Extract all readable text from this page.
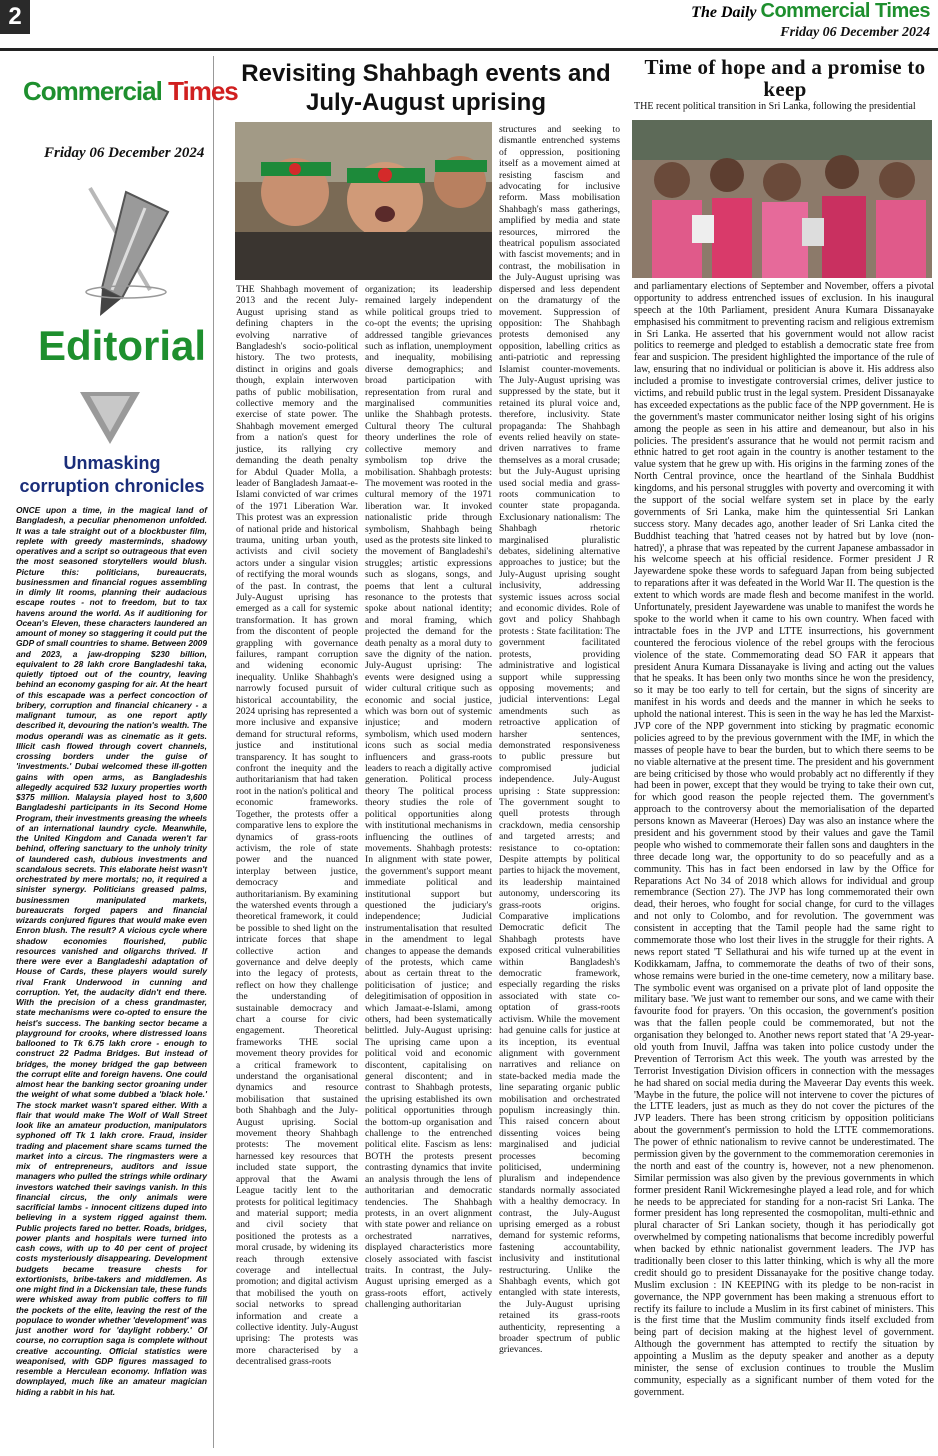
2	The Daily Commercial Times
Friday 06 December 2024
Commercial Times
Friday 06 December 2024
Editorial
Unmasking corruption chronicles
ONCE upon a time, in the magical land of Bangladesh, a peculiar phenomenon unfolded. It was a tale straight out of a blockbuster film, replete with greedy masterminds, shadowy operatives and a script so outrageous that even the most seasoned storytellers would blush. Picture this: politicians, bureaucrats, businessmen and financial rogues assembling in dimly lit rooms, planning their audacious escape routes - not to freedom, but to tax havens around the world. As if auditioning for Ocean's Eleven, these characters laundered an amount of money so staggering it could put the GDP of small countries to shame. Between 2009 and 2023, a jaw-dropping $230 billion, equivalent to 28 lakh crore Bangladeshi taka, quietly tiptoed out of the country, leaving behind an economy gasping for air. At the heart of this escapade was a perfect concoction of bribery, corruption and financial chicanery - a malignant tumour, as one report aptly described it, devouring the nation's wealth. The modus operandi was as cinematic as it gets. Illicit cash flowed through covert channels, crossing borders under the guise of 'investments.' Dubai welcomed these ill-gotten gains with open arms, as Bangladeshis allegedly acquired 532 luxury properties worth $375 million. Malaysia played host to 3,600 Bangladeshi participants in its Second Home Program, their investments greasing the wheels of an international laundry cycle. Meanwhile, the United Kingdom and Canada weren't far behind, offering sanctuary to the unholy trinity of laundered cash, dubious investments and scandalous secrets. This elaborate heist wasn't orchestrated by mere mortals; no, it required a sinister synergy. Politicians greased palms, businessmen manipulated markets, bureaucrats forged papers and financial wizards conjured figures that would make even Enron blush. The result? A vicious cycle where shadow economies flourished, public resources vanished and oligarchs thrived. If there were ever a Bangladeshi adaptation of House of Cards, these players would surely rival Frank Underwood in cunning and corruption. Yet, the audacity didn't end there. With the precision of a chess grandmaster, state mechanisms were co-opted to ensure the heist's success. The banking sector became a playground for crooks, where distressed loans ballooned to Tk 6.75 lakh crore - enough to construct 22 Padma Bridges. But instead of bridges, the money bridged the gap between the corrupt elite and foreign havens. One could almost hear the banking sector groaning under the weight of what some dubbed a 'black hole.' The stock market wasn't spared either. With a flair that would make The Wolf of Wall Street look like an amateur production, manipulators syphoned off Tk 1 lakh crore. Fraud, insider trading and placement share scams turned the market into a circus. The ringmasters were a mix of entrepreneurs, auditors and issue managers who pulled the strings while ordinary investors watched their savings vanish. In this financial circus, the only animals were sacrificial lambs - innocent citizens duped into believing in a system rigged against them. Public projects fared no better. Roads, bridges, power plants and hospitals were turned into cash cows, with up to 40 per cent of project costs mysteriously disappearing. Development budgets became treasure chests for extortionists, bribe-takers and middlemen. As one might find in a Dickensian tale, these funds were whisked away from public coffers to fill the pockets of the elite, leaving the rest of the populace to wonder whether 'development' was just another word for 'daylight robbery.' Of course, no corruption saga is complete without creative accounting. Official statistics were weaponised, with GDP figures massaged to resemble a Herculean economy. Inflation was downplayed, much like an amateur magician hiding a rabbit in his hat.
Revisiting Shahbagh events and July-August uprising
THE Shahbagh movement of 2013 and the recent July-August uprising stand as defining chapters in the evolving narrative of Bangladesh's socio-political history. The two protests, distinct in origins and goals though, explain interwoven paths of public mobilisation, collective memory and the exercise of state power. The Shahbagh movement emerged from a nation's quest for justice, its rallying cry demanding the death penalty for Abdul Quader Molla, a leader of Bangladesh Jamaat-e-Islami convicted of war crimes of the 1971 Liberation War. This protest was an expression of national pride and historical trauma, uniting urban youth, activists and civil society actors under a singular vision of rectifying the moral wounds of the past. In contrast, the July-August uprising has emerged as a call for systemic transformation. It has grown from the discontent of people grappling with governance failures, rampant corruption and widening economic inequality. Unlike Shahbagh's narrowly focused pursuit of historical accountability, the 2024 uprising has represented a more inclusive and expansive demand for structural reforms, justice and institutional transparency. It has sought to confront the inequity and the authoritarianism that had taken root in the nation's political and economic frameworks. Together, the protests offer a comparative lens to explore the dynamics of grass-roots activism, the role of state power and the nuanced interplay between justice, democracy and authoritarianism. By examining the watershed events through a theoretical framework, it could be possible to shed light on the intricate forces that shape collective action and governance and delve deeply into the legacy of protests, reflect on how they challenge the understanding of sustainable democracy and chart a course for civic engagement. Theoretical frameworks THE social movement theory provides for a critical framework to understand the organisational dynamics and resource mobilisation that sustained both Shahbagh and the July-August uprising. Social movement theory Shahbagh protests: The movement harnessed key resources that included state support, the approval that the Awami League tacitly lent to the protests for political legitimacy and material support; media and civil society that positioned the protests as a moral crusade, by widening its reach through extensive coverage and intellectual promotion; and digital activism that mobilised the youth on social networks to spread information and create a collective identity. July-August uprising: The protests was more characterised by a decentralised grass-roots
organization; its leadership remained largely independent while political groups tried to co-opt the events; the uprising addressed tangible grievances such as inflation, unemployment and inequality, mobilising diverse demographics; and broad participation with representation from rural and marginalised communities unlike the Shahbagh protests. Cultural theory The cultural theory underlines the role of collective memory and symbolism top drive the mobilisation. Shahbagh protests: The movement was rooted in the cultural memory of the 1971 liberation war. It invoked nationalistic pride through symbolism, Shahbagh being used as the protests site linked to the movement of Bangladeshi's struggles; artistic expressions such as slogans, songs, and poems that lent a cultural resonance to the protests that spoke about national identity; and moral framing, which projected the demand for the death penalty as a moral duty to save the dignity of the nation. July-August uprising: The events were designed using a wider cultural critique such as economic and social justice, which was born out of systemic injustice; and modern symbolism, which used modern icons such as social media influencers and grass-roots leaders to reach a digitally active generation. Political process theory The political process theory studies the role of political opportunities along with institutional mechanisms in influencing the outlines of movements. Shahbagh protests: In alignment with state power, the government's support meant immediate political and institutional support but questioned the judiciary's independence; Judicial instrumentalisation that resulted in the amendment to legal changes to appease the demands of the protests, which came about as certain threat to the politicisation of justice; and delegitimisation of opposition in which Jamaat-e-Islami, among others, had been systematically belittled. July-August uprising: The uprising came upon a political void and economic discontent, capitalising on general discontent; and in contrast to Shahbagh protests, the uprising established its own political opportunities through the bottom-up organisation and challenge to the entrenched political elite. Fascism as lens: BOTH the protests present contrasting dynamics that invite an analysis through the lens of authoritarian and democratic tendencies. The Shahbagh protests, in an overt alignment with state power and reliance on orchestrated narratives, displayed characteristics more closely associated with fascist traits. In contrast, the July-August uprising emerged as a grass-roots effort, actively challenging authoritarian
structures and seeking to dismantle entrenched systems of oppression, positioning itself as a movement aimed at resisting fascism and advocating for inclusive reform. Mass mobilisation Shahbagh's mass gatherings, amplified by media and state resources, mirrored the theatrical populism associated with fascist movements; and in contrast, the mobilisation in the July-August uprising was dispersed and less dependent on the dramaturgy of the movement. Suppression of opposition: The Shahbagh protests demonised any opposition, labelling critics as anti-patriotic and repressing Islamist counter-movements. The July-August uprising was suppressed by the state, but it retained its plural voice and, therefore, inclusivity. State propaganda: The Shahbagh events relied heavily on state-driven narratives to frame themselves as a moral crusade; but the July-August uprising used social media and grass-roots communication to counter state propaganda. Exclusionary nationalism: The Shahbagh rhetoric marginalised pluralistic debates, sidelining alternative approaches to justice; but the July-August uprising sought inclusivity, addressing systemic issues across social and economic divides. Role of govt and policy Shahbagh protests : State facilitation: The government facilitated protests, providing administrative and logistical support while suppressing opposing movements; and judicial interventions: Legal amendments such as retroactive application of harsher sentences, demonstrated responsiveness to public pressure but compromised judicial independence. July-August uprising : State suppression: The government sought to quell protests through crackdown, media censorship and targeted arrests; and resistance to co-optation: Despite attempts by political parties to hijack the movement, its leadership maintained autonomy, underscoring its grass-roots origins. Comparative implications Democratic deficit The Shahbagh protests have exposed critical vulnerabilities within Bangladesh's democratic framework, especially regarding the risks associated with state co-optation of grass-roots activism. While the movement had genuine calls for justice at its inception, its eventual alignment with government narratives and reliance on state-backed media made the line separating organic public mobilisation and orchestrated populism increasingly thin. This raised concern about dissenting voices being marginalised and judicial processes becoming politicised, undermining pluralism and independence standards normally associated with a healthy democracy. In contrast, the July-August uprising emerged as a robust demand for systemic reforms, fastening accountability, inclusivity and institutional restructuring. Unlike the Shahbagh events, which got entangled with state interests, the July-August uprising retained its grass-roots authenticity, representing a broader spectrum of public grievances.
Time of hope and a promise to keep
THE recent political transition in Sri Lanka, following the presidential
and parliamentary elections of September and November, offers a pivotal opportunity to address entrenched issues of exclusion. In his inaugural speech at the 10th Parliament, president Anura Kumara Dissanayake emphasised his commitment to preventing racism and religious extremism in Sri Lanka. He asserted that his government would not allow racist politics to reemerge and pledged to establish a democratic state free from fear and suspicion. The president highlighted the importance of the rule of law, ensuring that no individual or politician is above it. His address also included a promise to investigate controversial crimes, deliver justice to victims, and rebuild public trust in the legal system. President Dissanayake has exceeded expectations as the public face of the NPP government. He is the government's master communicator neither losing sight of his origins among the people as seen in his attire and demeanour, but also in his policies. The president's assurance that he would not permit racism and ethnic hatred to get root again in the country is another testament to the value system that he grew up with. His origins in the farming zones of the North Central province, once the heartland of the Sinhala Buddhist kingdoms, and his personal struggles with poverty and overcoming it with the support of the social welfare system set in place by the early governments of Sri Lanka, make him the quintessential Sri Lankan success story. Many decades ago, another leader of Sri Lanka cited the Buddhist teaching that 'hatred ceases not by hatred but by love (non-hatred)', a phrase that was repeated by the current Japanese ambassador in his welcome speech at his official residence. Former president J R Jayewardene spoke these words to safeguard Japan from being subjected to reparations after it was defeated in the World War II. The question is the extent to which words are made flesh and become manifest in the world. Unfortunately, president Jayewardene was unable to manifest the words he spoke to the world when it came to his own country. When faced with intractable foes in the JVP and LTTE insurrections, his government countered the ferocious violence of the rebel groups with the ferocious violence of the state. Commemorating dead SO FAR it appears that president Anura Kumara Dissanayake is living and acting out the values that he speaks. It has been only two months since he won the presidency, so it may be too early to tell for certain, but the signs of sincerity are manifest in his words and deeds and the manner in which he seeks to uphold the national interest. This is seen in the way he has led the Marxist-JVP core of the NPP government into sticking by pragmatic economic policies agreed to by the previous government with the IMF, in which the masses of people have to bear the burden, but to which there seems to be no viable alternative at the present time. The president and his government are being criticised by those who would probably act no differently if they had been in power, except that they would be trying to take their own cut, for which good reason the people rejected them. The government's approach to the controversy about the memorialisation of the departed persons known as Maveerar (Heroes) Day was also an instance where the president and his government stood by their values and gave the Tamil people who wished to commemorate their fallen sons and daughters in the three decade long war, the opportunity to do so peacefully and as a community. This has in fact been endorsed in law by the Office for Reparations Act No 34 of 2018 which allows for individual and group remembrance (Section 27). The JVP has long commemorated their own dead, their heroes, who fought for social change, for curd to the villages and not only to Colombo, and for revolution. The government was consistent in accepting that the Tamil people had the same right to commemorate those who lost their lives in the struggle for their rights. A news report stated 'T Sellathurai and his wife turned up at the event in Kodikkamam, Jaffna, to commemorate the deaths of two of their sons, whose remains were buried in the one-time cemetery, now a military base. The symbolic event was organised on a private plot of land opposite the military base. 'We just want to remember our sons, and we came with their favourite food for prayers. 'On this occasion, the government's position was that the fallen people could be commemorated, but not the organisation they belonged to. Another news report stated that 'A 29-year-old youth from Inuvil, Jaffna was taken into police custody under the Prevention of Terrorism Act this week. The youth was arrested by the Terrorist Investigation Division officers in connection with the messages he had shared on social media during the Maveerar Day events this week. 'Maybe in the future, the police will not intervene to cover the pictures of the LTTE leaders, just as much as they do not cover the pictures of the JVP leaders. There has been strong criticism by opposition politicians about the government's permission to hold the LTTE commemorations. The power of ethnic nationalism to revive cannot be underestimated. The permission given by the government to the commemoration ceremonies in the north and east of the country is, however, not a new phenomenon. Similar permission was also given by the previous governments in which former president Ranil Wickremesinghe played a lead role, and for which he needs to be appreciated for standing for a non-racist Sri Lanka. The former president has long represented the cosmopolitan, multi-ethnic and plural character of Sri Lankan society, though it has periodically got overwhelmed by competing nationalisms that become incredibly powerful when backed by ethnic nationalist government leaders. The JVP has traditionally been closer to this latter thinking, which is why all the more credit should go to president Dissanayake for the positive change today. Muslim exclusion : IN KEEPING with its pledge to be non-racist in governance, the NPP government has been making a strenuous effort to rectify its failure to include a Muslim in its first cabinet of ministers. This is the first time that the Muslim community finds itself excluded from being part of decision making at the highest level of government. Although the government has attempted to rectify the situation by appointing a Muslim as the deputy speaker and another as a deputy minister, the sense of exclusion continues to trouble the Muslim community, especially as a significant number of them voted for the government.
